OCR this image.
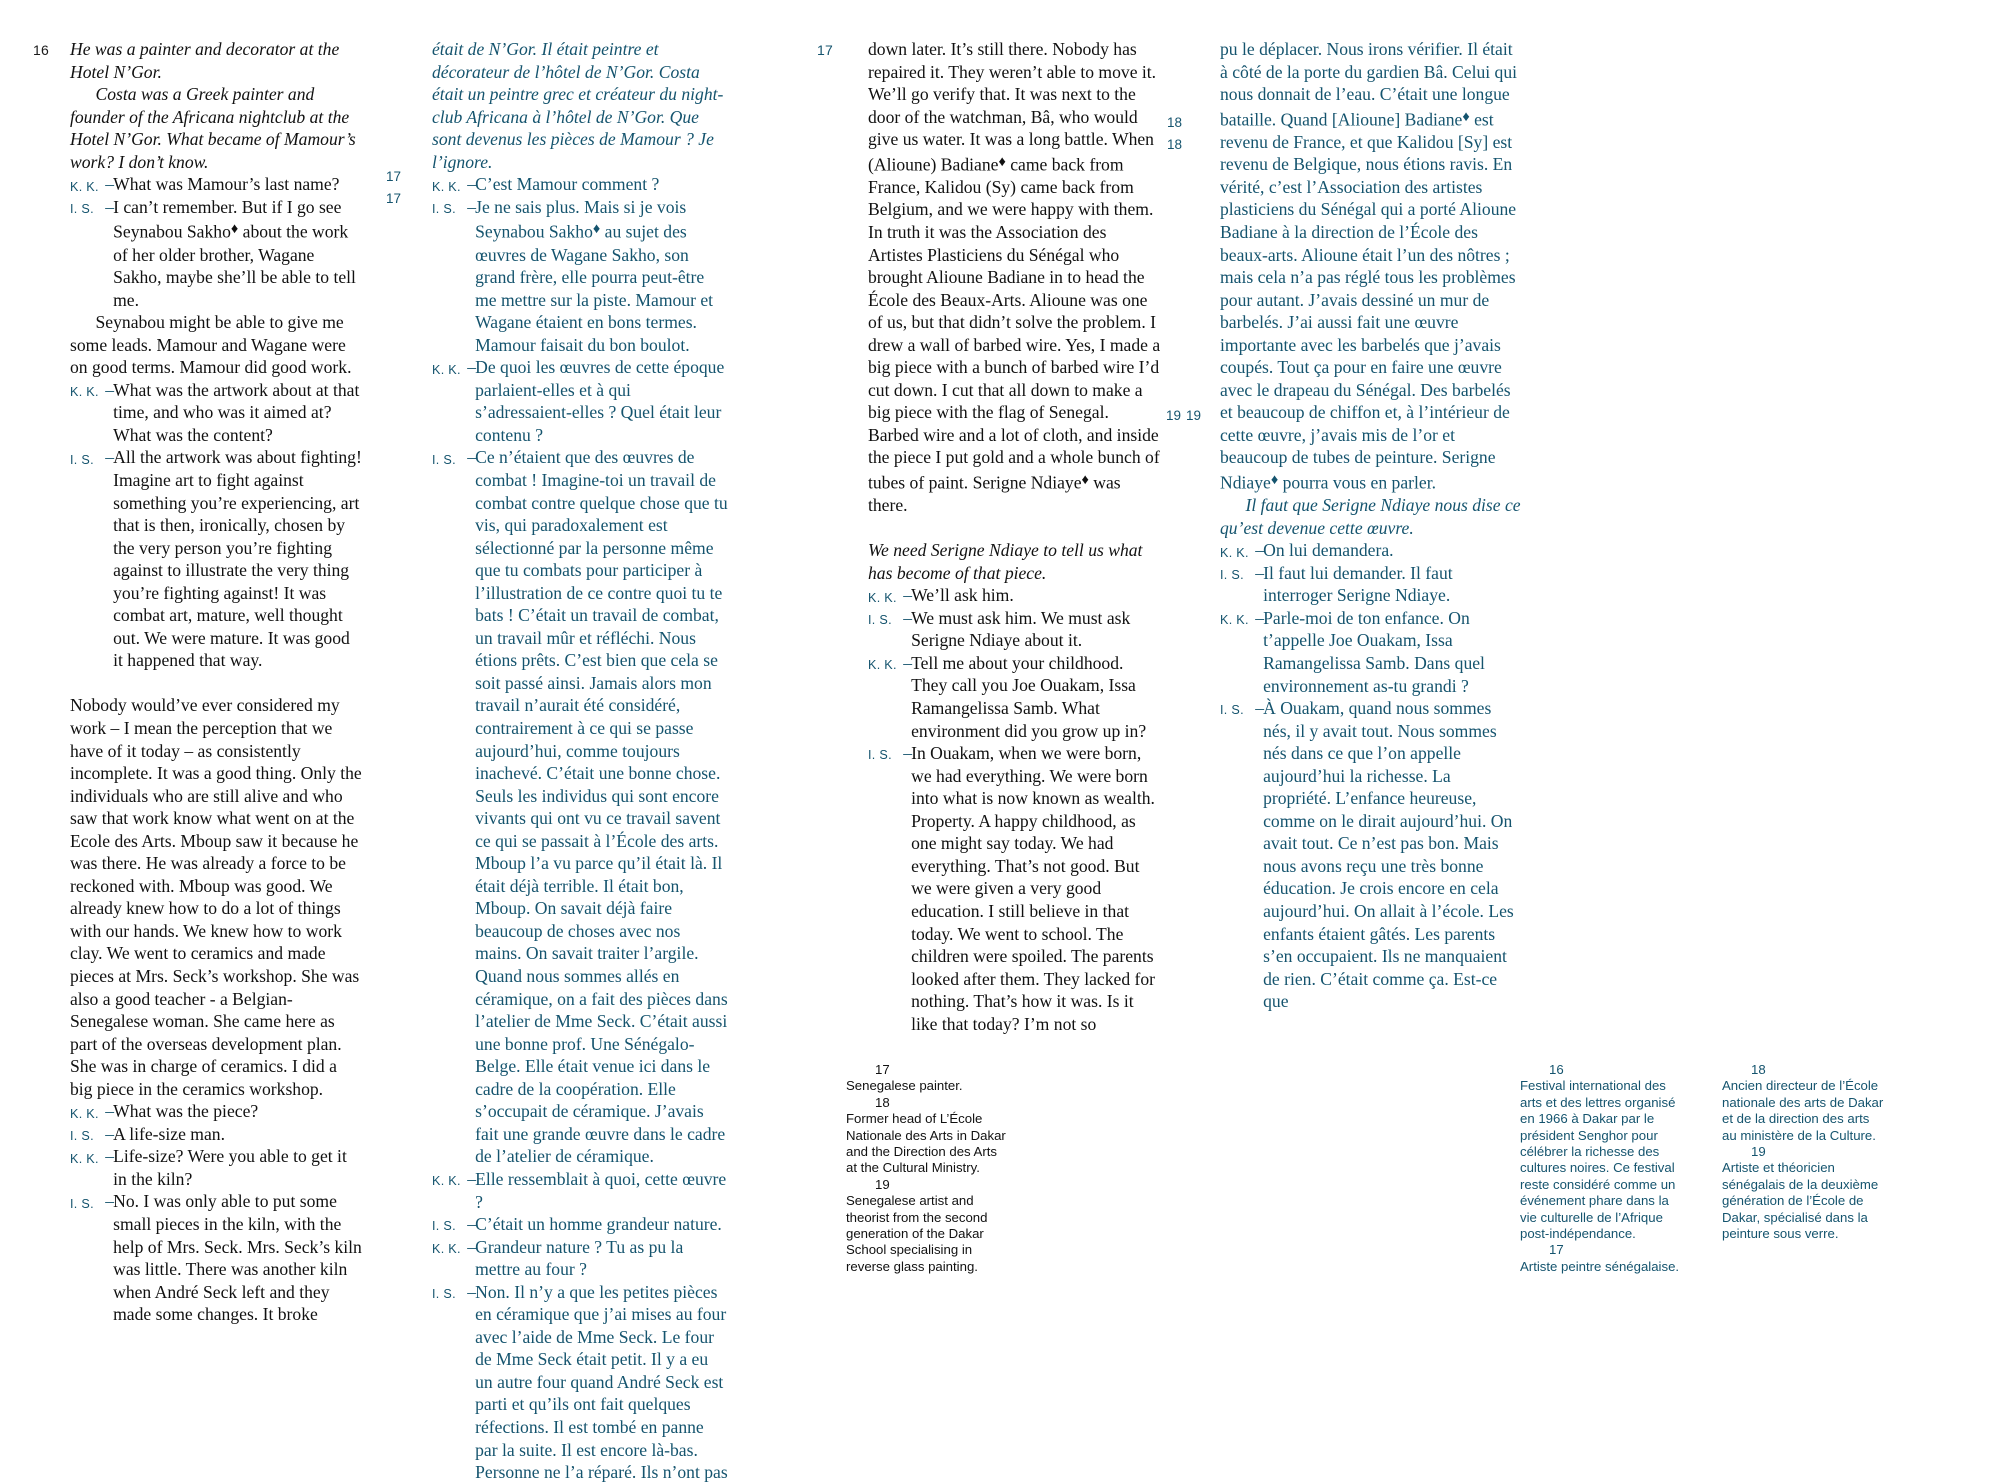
16	17
17
17
18
18
19 19

He was a painter and decorator at the Hotel N’Gor.

Costa was a Greek painter and founder of the Africana nightclub at the Hotel N’Gor. What became of Mamour’s work? I don’t know.

K. K. – What was Mamour’s last name?

I. S. – I can’t remember. But if I go see Seynabou Sakho♦ about the work of her older brother, Wagane Sakho, maybe she’ll be able to tell me.

Seynabou might be able to give me some leads. Mamour and Wagane were on good terms. Mamour did good work.

K. K. – What was the artwork about at that time, and who was it aimed at? What was the content?

I. S. – All the artwork was about fighting! Imagine art to fight against something you’re experiencing, art that is then, ironically, chosen by the very person you’re fighting against to illustrate the very thing you’re fighting against! It was combat art, mature, well thought out. We were mature. It was good it happened that way.

Nobody would’ve ever considered my work – I mean the perception that we have of it today – as consistently incomplete. It was a good thing. Only the individuals who are still alive and who saw that work know what went on at the Ecole des Arts. Mboup saw it because he was there. He was already a force to be reckoned with. Mboup was good. We already knew how to do a lot of things with our hands. We knew how to work clay. We went to ceramics and made pieces at Mrs. Seck’s workshop. She was also a good teacher - a Belgian-Senegalese woman. She came here as part of the overseas development plan. She was in charge of ceramics. I did a big piece in the ceramics workshop.

K. K. – What was the piece?

I. S. – A life-size man.

K. K. – Life-size? Were you able to get it in the kiln?

I. S. – No. I was only able to put some small pieces in the kiln, with the help of Mrs. Seck. Mrs. Seck’s kiln was little. There was another kiln when André Seck left and they made some changes. It broke

était de N’Gor. Il était peintre et décorateur de l’hôtel de N’Gor. Costa était un peintre grec et créateur du night-club Africana à l’hôtel de N’Gor. Que sont devenus les pièces de Mamour ? Je l’ignore.

K. K. – C’est Mamour comment ?

I. S. – Je ne sais plus. Mais si je vois Seynabou Sakho♦ au sujet des œuvres de Wagane Sakho, son grand frère, elle pourra peut-être me mettre sur la piste. Mamour et Wagane étaient en bons termes. Mamour faisait du bon boulot.

K. K. – De quoi les œuvres de cette époque parlaient-elles et à qui s’adressaient-elles ? Quel était leur contenu ?

I. S. – Ce n’étaient que des œuvres de combat ! Imagine-toi un travail de combat contre quelque chose que tu vis, qui paradoxalement est sélectionné par la personne même que tu combats pour participer à l’illustration de ce contre quoi tu te bats ! C’était un travail de combat, un travail mûr et réfléchi. Nous étions prêts. C’est bien que cela se soit passé ainsi. Jamais alors mon travail n’aurait été considéré, contrairement à ce qui se passe aujourd’hui, comme toujours inachevé. C’était une bonne chose. Seuls les individus qui sont encore vivants qui ont vu ce travail savent ce qui se passait à l’École des arts. Mboup l’a vu parce qu’il était là. Il était déjà terrible. Il était bon, Mboup. On savait déjà faire beaucoup de choses avec nos mains. On savait traiter l’argile. Quand nous sommes allés en céramique, on a fait des pièces dans l’atelier de Mme Seck. C’était aussi une bonne prof. Une Sénégalo-Belge. Elle était venue ici dans le cadre de la coopération. Elle s’occupait de céramique. J’avais fait une grande œuvre dans le cadre de l’atelier de céramique.

K. K. – Elle ressemblait à quoi, cette œuvre ?

I. S. – C’était un homme grandeur nature.

K. K. – Grandeur nature ? Tu as pu la mettre au four ?

I. S. – Non. Il n’y a que les petites pièces en céramique que j’ai mises au four avec l’aide de Mme Seck. Le four de Mme Seck était petit. Il y a eu un autre four quand André Seck est parti et qu’ils ont fait quelques réfections. Il est tombé en panne par la suite. Il est encore là-bas. Personne ne l’a réparé. Ils n’ont pas

down later. It’s still there. Nobody has repaired it. They weren’t able to move it. We’ll go verify that. It was next to the door of the watchman, Bâ, who would give us water. It was a long battle. When (Alioune) Badiane♦ came back from France, Kalidou (Sy) came back from Belgium, and we were happy with them. In truth it was the Association des Artistes Plasticiens du Sénégal who brought Alioune Badiane in to head the École des Beaux-Arts. Alioune was one of us, but that didn’t solve the problem. I drew a wall of barbed wire. Yes, I made a big piece with a bunch of barbed wire I’d cut down. I cut that all down to make a big piece with the flag of Senegal. Barbed wire and a lot of cloth, and inside the piece I put gold and a whole bunch of tubes of paint. Serigne Ndiaye♦ was there.

We need Serigne Ndiaye to tell us what has become of that piece.

K. K. – We’ll ask him.

I. S. – We must ask him. We must ask Serigne Ndiaye about it.

K. K. – Tell me about your childhood. They call you Joe Ouakam, Issa Ramangelissa Samb. What environment did you grow up in?

I. S. – In Ouakam, when we were born, we had everything. We were born into what is now known as wealth. Property. A happy childhood, as one might say today. We had everything. That’s not good. But we were given a very good education. I still believe in that today. We went to school. The children were spoiled. The parents looked after them. They lacked for nothing. That’s how it was. Is it like that today? I’m not so

pu le déplacer. Nous irons vérifier. Il était à côté de la porte du gardien Bâ. Celui qui nous donnait de l’eau. C’était une longue bataille. Quand [Alioune] Badiane♦ est revenu de France, et que Kalidou [Sy] est revenu de Belgique, nous étions ravis. En vérité, c’est l’Association des artistes plasticiens du Sénégal qui a porté Alioune Badiane à la direction de l’École des beaux-arts. Alioune était l’un des nôtres ; mais cela n’a pas réglé tous les problèmes pour autant. J’avais dessiné un mur de barbelés. J’ai aussi fait une œuvre importante avec les barbelés que j’avais coupés. Tout ça pour en faire une œuvre avec le drapeau du Sénégal. Des barbelés et beaucoup de chiffon et, à l’intérieur de cette œuvre, j’avais mis de l’or et beaucoup de tubes de peinture. Serigne Ndiaye♦ pourra vous en parler.

Il faut que Serigne Ndiaye nous dise ce qu’est devenue cette œuvre.

K. K. – On lui demandera.

I. S. – Il faut lui demander. Il faut interroger Serigne Ndiaye.

K. K. – Parle-moi de ton enfance. On t’appelle Joe Ouakam, Issa Ramangelissa Samb. Dans quel environnement as-tu grandi ?

I. S. – À Ouakam, quand nous sommes nés, il y avait tout. Nous sommes nés dans ce que l’on appelle aujourd’hui la richesse. La propriété. L’enfance heureuse, comme on le dirait aujourd’hui. On avait tout. Ce n’est pas bon. Mais nous avons reçu une très bonne éducation. Je crois encore en cela aujourd’hui. On allait à l’école. Les enfants étaient gâtés. Les parents s’en occupaient. Ils ne manquaient de rien. C’était comme ça. Est-ce que

17
Senegalese painter.
18
Former head of L’École Nationale des Arts in Dakar and the Direction des Arts at the Cultural Ministry.
19
Senegalese artist and theorist from the second generation of the Dakar School specialising in reverse glass painting.
16
Festival international des arts et des lettres organisé en 1966 à Dakar par le président Senghor pour célébrer la richesse des cultures noires. Ce festival reste considéré comme un événement phare dans la vie culturelle de l’Afrique post-indépendance.
17
Artiste peintre sénégalaise.
18
Ancien directeur de l’École nationale des arts de Dakar et de la direction des arts au ministère de la Culture.
19
Artiste et théoricien sénégalais de la deuxième génération de l’École de Dakar, spécialisé dans la peinture sous verre.
